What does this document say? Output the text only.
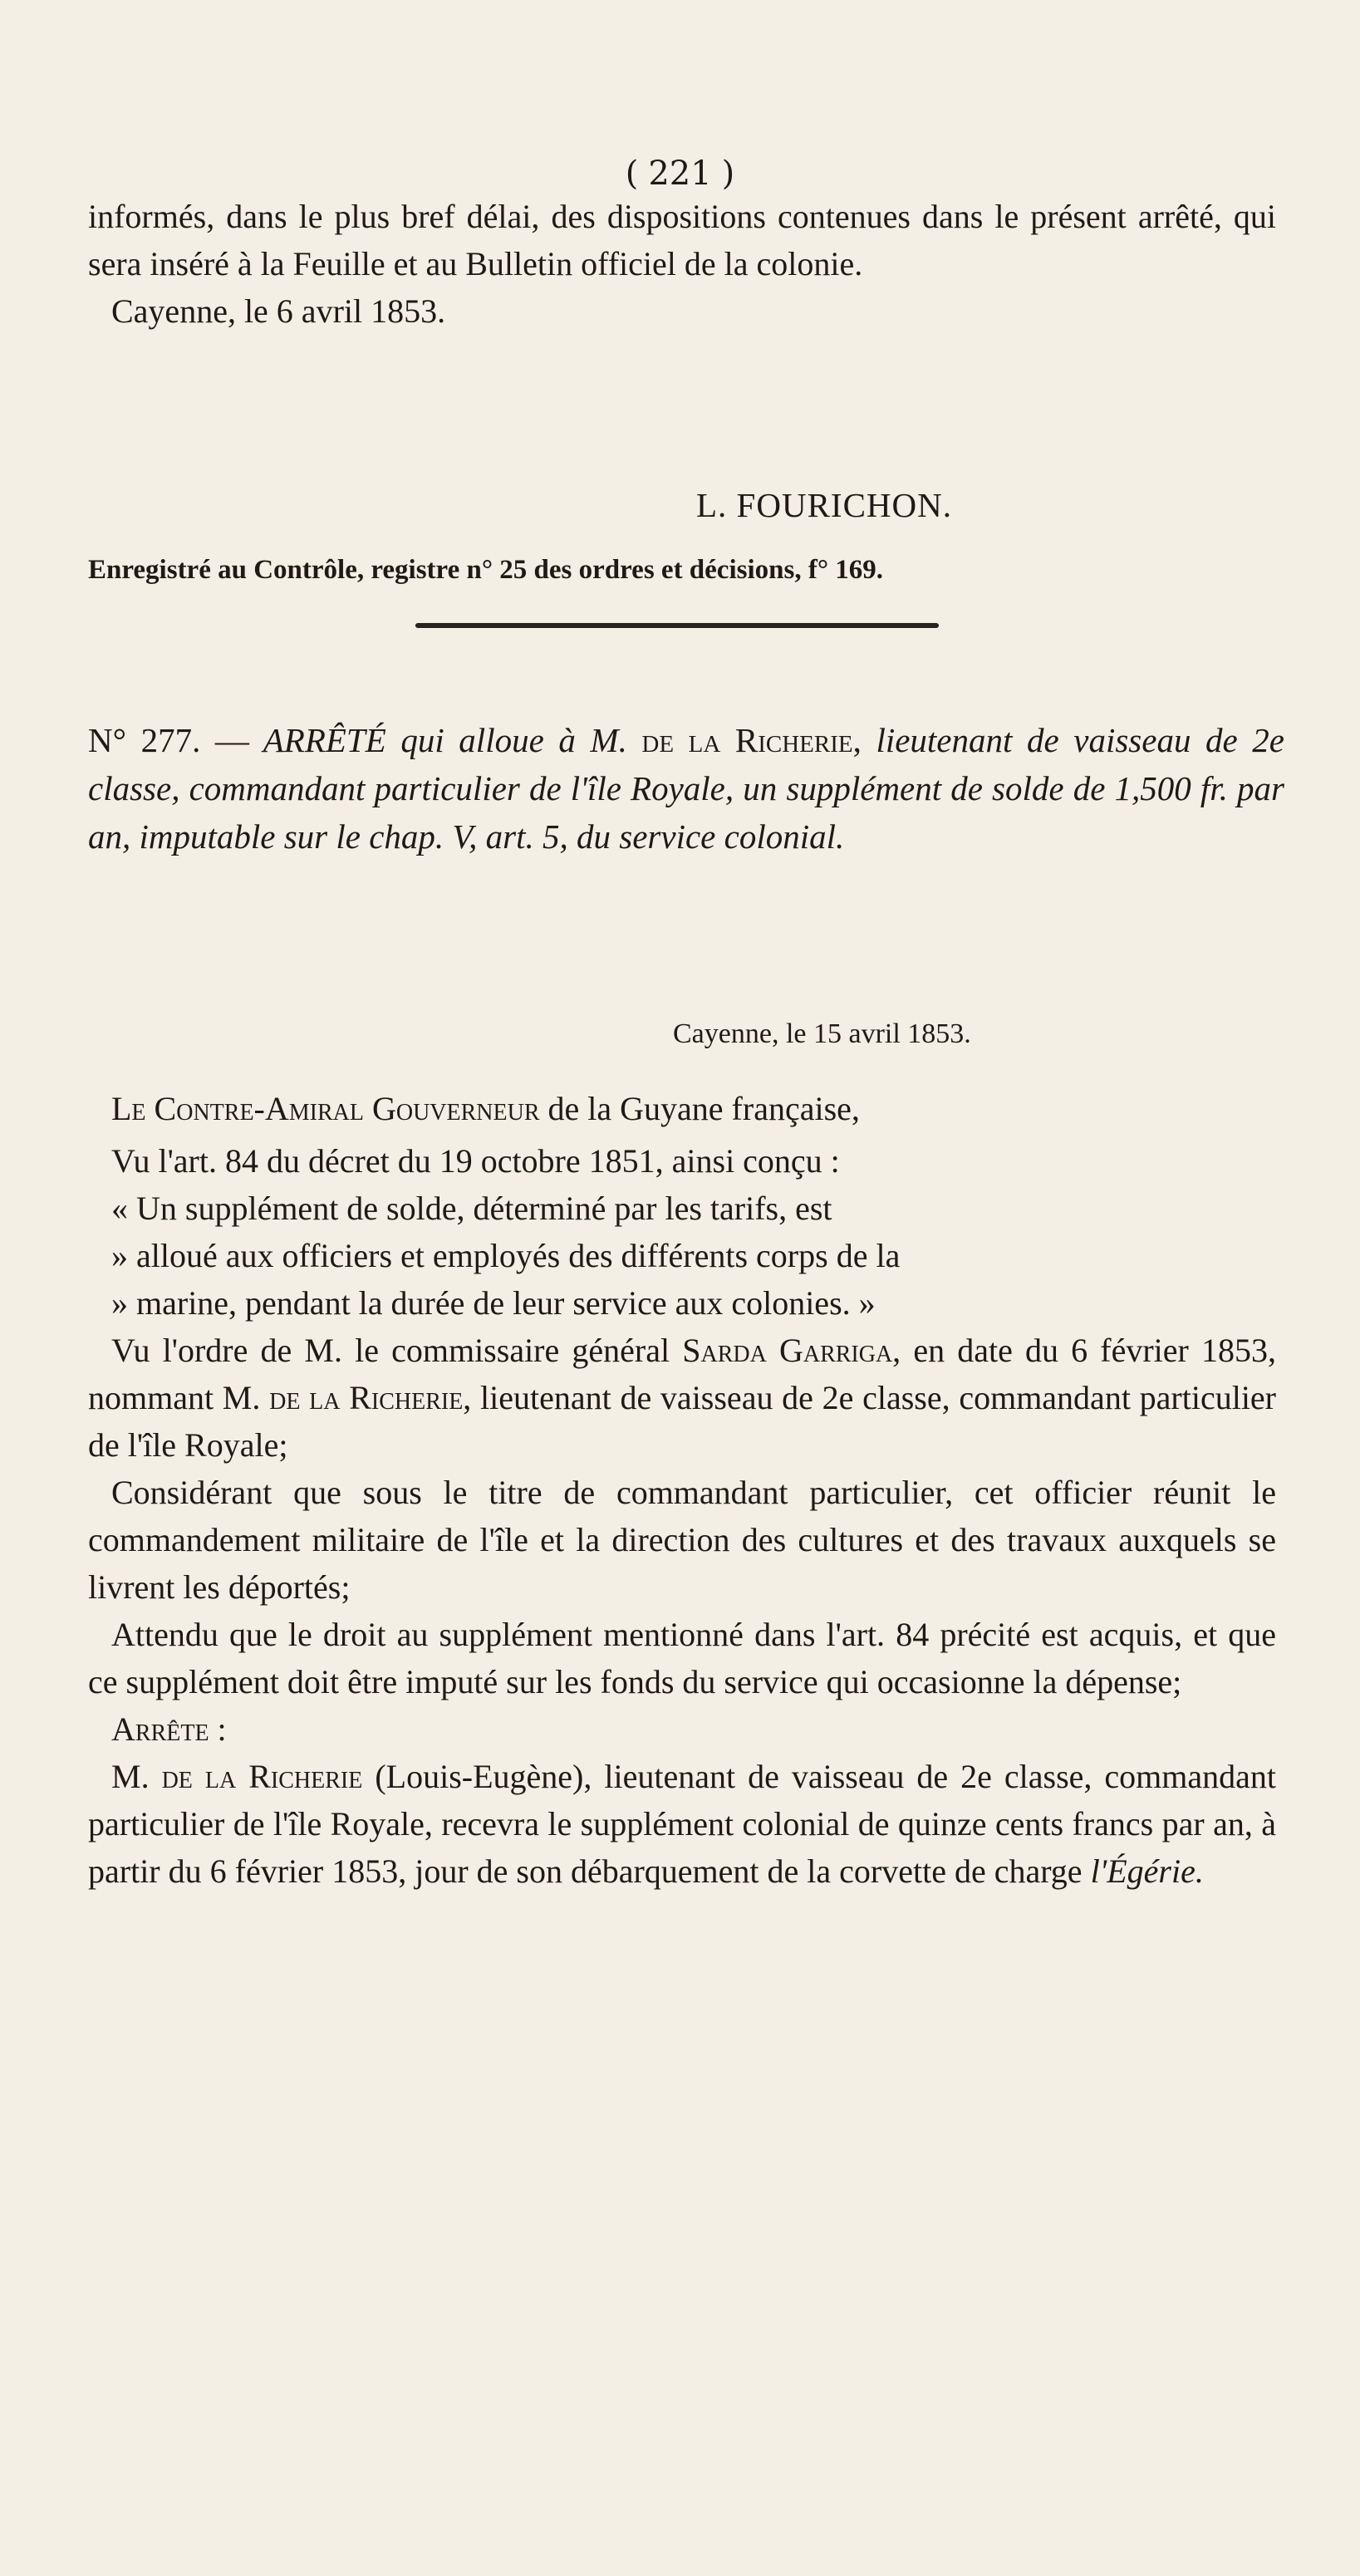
( 221 )

informés, dans le plus bref délai, des dispositions contenues dans le présent arrêté, qui sera inséré à la Feuille et au Bulletin officiel de la colonie.

Cayenne, le 6 avril 1853.

L. FOURICHON.
Enregistré au Contrôle, registre n° 25 des ordres et décisions, f° 169.
N° 277. — ARRÊTÉ qui alloue à M. de la Richerie, lieutenant de vaisseau de 2e classe, commandant particulier de l'île Royale, un supplément de solde de 1,500 fr. par an, imputable sur le chap. V, art. 5, du service colonial.
Cayenne, le 15 avril 1853.

Le Contre-Amiral Gouverneur de la Guyane française,

Vu l'art. 84 du décret du 19 octobre 1851, ainsi conçu :

« Un supplément de solde, déterminé par les tarifs, est

» alloué aux officiers et employés des différents corps de la

» marine, pendant la durée de leur service aux colonies. »

Vu l'ordre de M. le commissaire général Sarda Garriga, en date du 6 février 1853, nommant M. de la Richerie, lieutenant de vaisseau de 2e classe, commandant particulier de l'île Royale;

Considérant que sous le titre de commandant particulier, cet officier réunit le commandement militaire de l'île et la direction des cultures et des travaux auxquels se livrent les déportés;

Attendu que le droit au supplément mentionné dans l'art. 84 précité est acquis, et que ce supplément doit être imputé sur les fonds du service qui occasionne la dépense;

Arrête :

M. de la Richerie (Louis-Eugène), lieutenant de vaisseau de 2e classe, commandant particulier de l'île Royale, recevra le supplément colonial de quinze cents francs par an, à partir du 6 février 1853, jour de son débarquement de la corvette de charge l'Égérie.
